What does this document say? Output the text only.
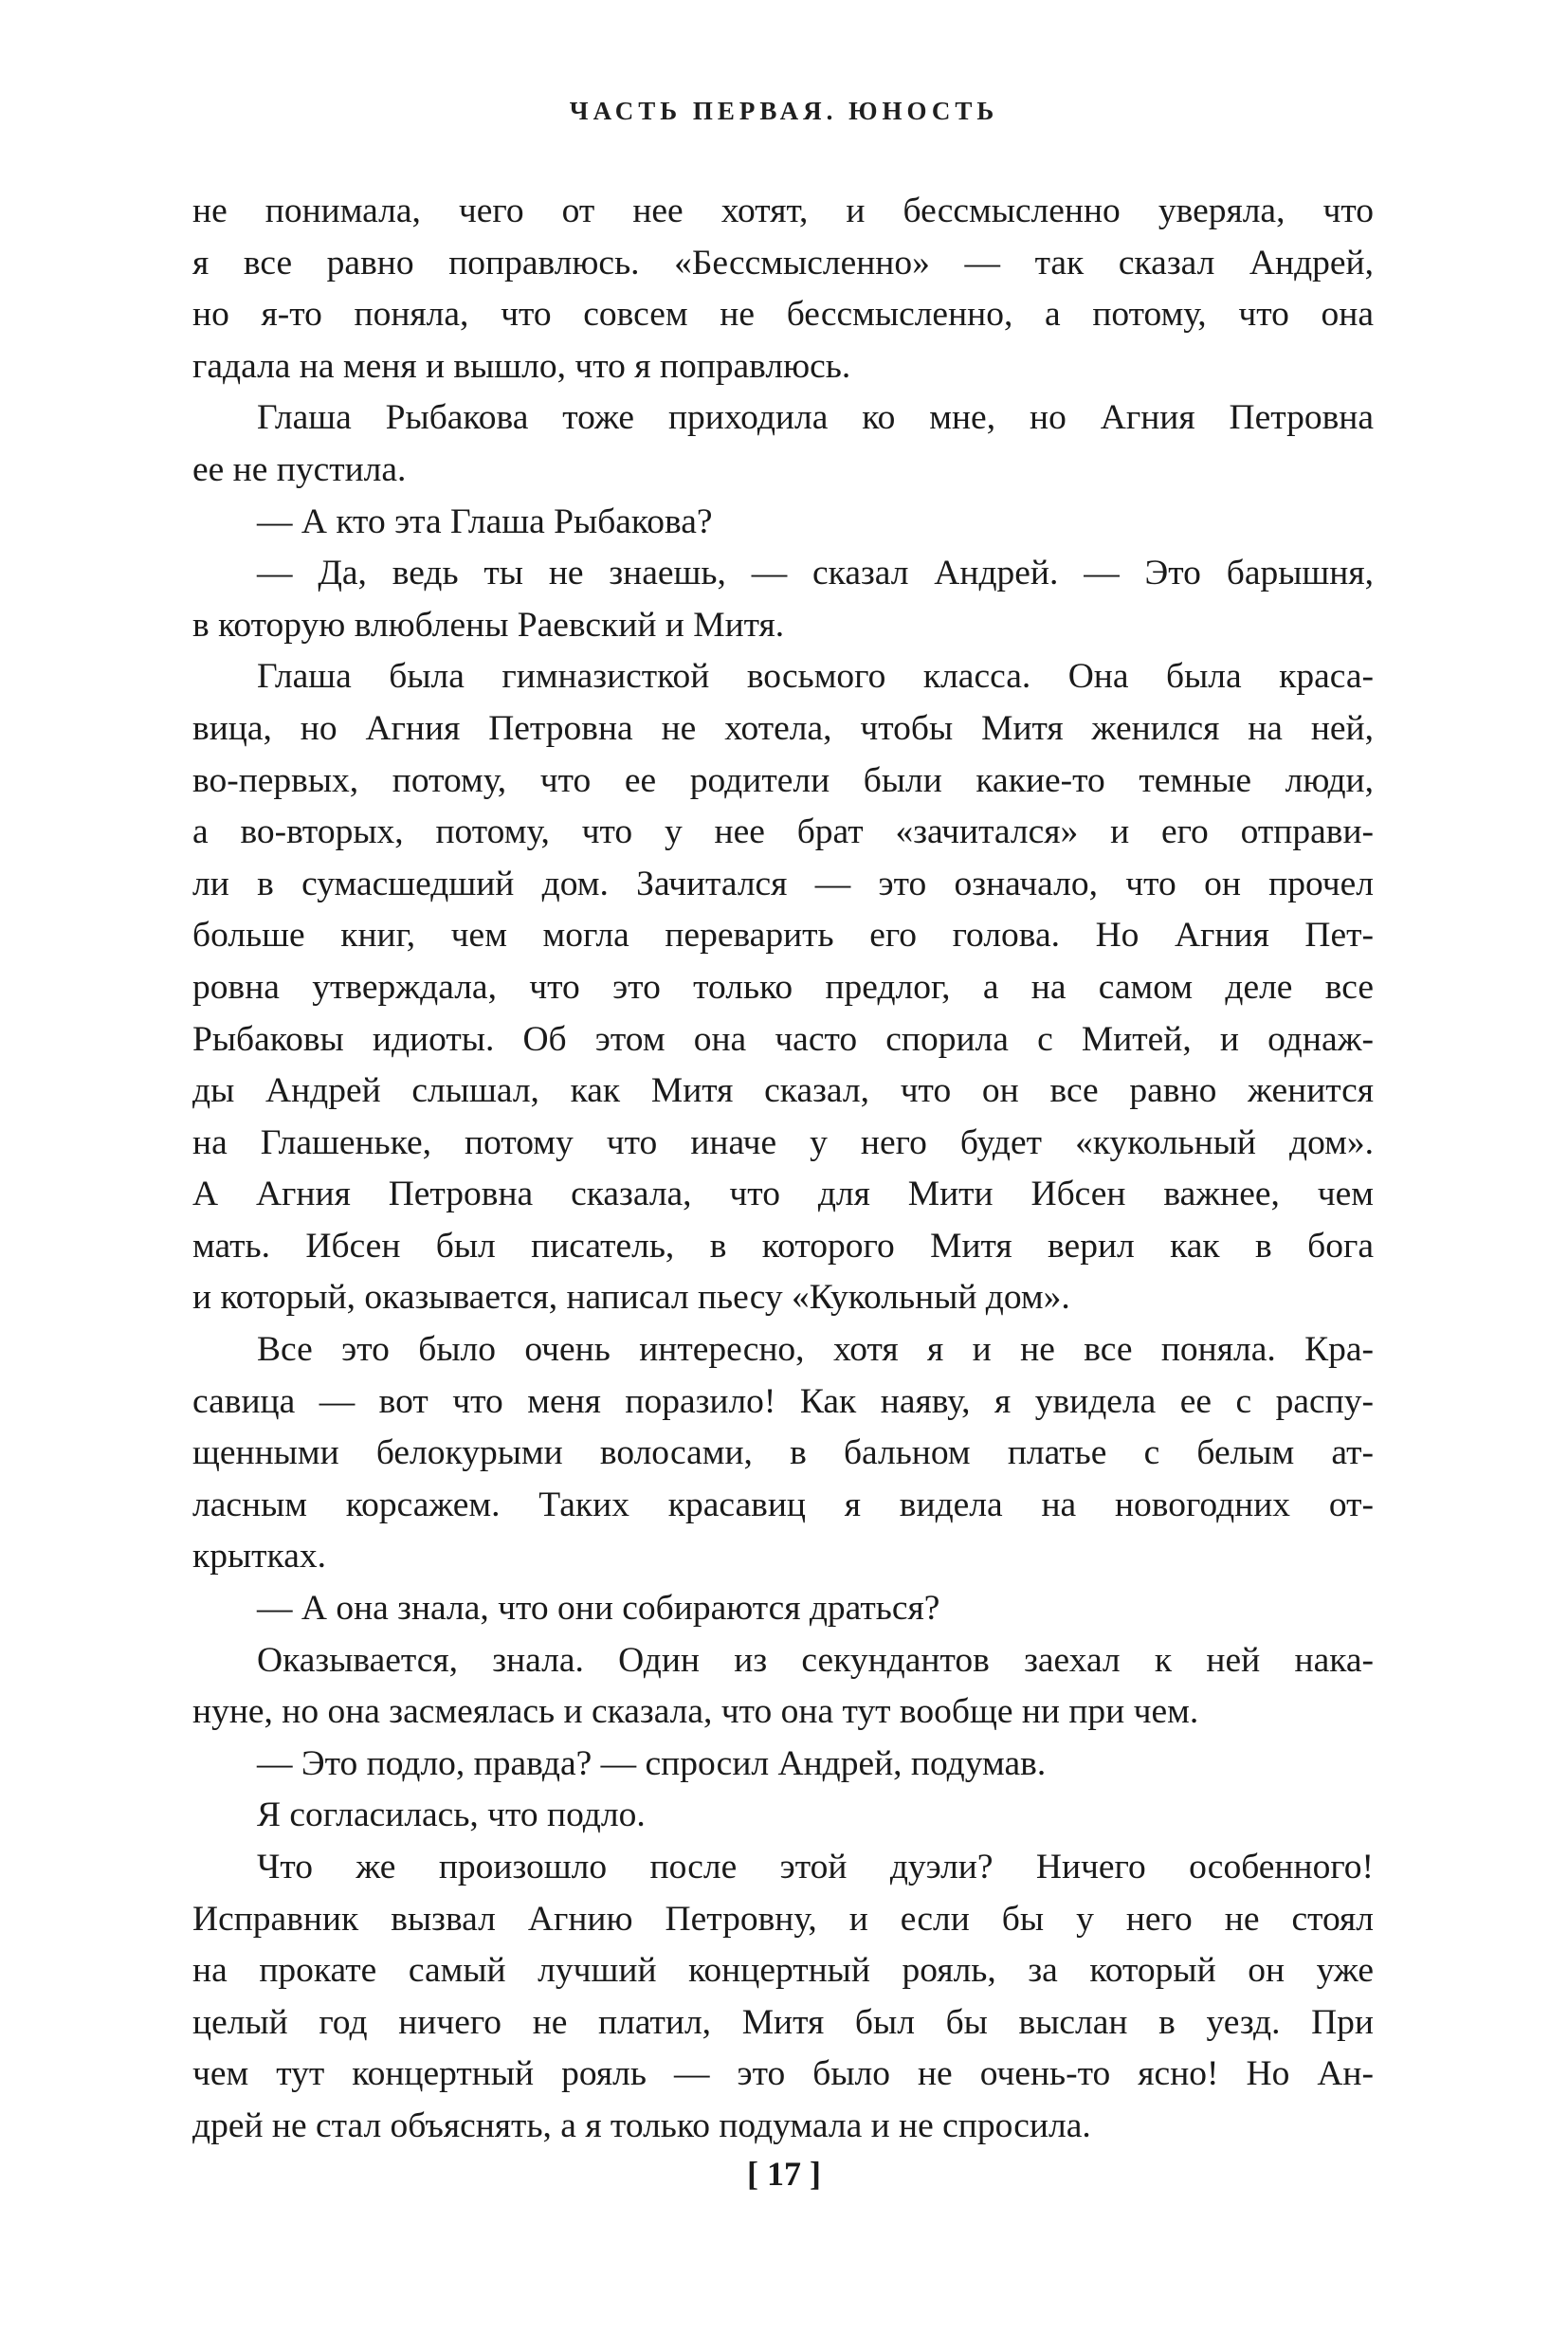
ЧАСТЬ ПЕРВАЯ. ЮНОСТЬ
не понимала, чего от нее хотят, и бессмысленно уверяла, что
я все равно поправлюсь. «Бессмысленно» — так сказал Андрей,
но я-то поняла, что совсем не бессмысленно, а потому, что она
гадала на меня и вышло, что я поправлюсь.
Глаша Рыбакова тоже приходила ко мне, но Агния Петровна
ее не пустила.
— А кто эта Глаша Рыбакова?
— Да, ведь ты не знаешь, — сказал Андрей. — Это барышня,
в которую влюблены Раевский и Митя.
Глаша была гимназисткой восьмого класса. Она была краса-
вица, но Агния Петровна не хотела, чтобы Митя женился на ней,
во-первых, потому, что ее родители были какие-то темные люди,
а во-вторых, потому, что у нее брат «зачитался» и его отправи-
ли в сумасшедший дом. Зачитался — это означало, что он прочел
больше книг, чем могла переварить его голова. Но Агния Пет-
ровна утверждала, что это только предлог, а на самом деле все
Рыбаковы идиоты. Об этом она часто спорила с Митей, и однаж-
ды Андрей слышал, как Митя сказал, что он все равно женится
на Глашеньке, потому что иначе у него будет «кукольный дом».
А Агния Петровна сказала, что для Мити Ибсен важнее, чем
мать. Ибсен был писатель, в которого Митя верил как в бога
и который, оказывается, написал пьесу «Кукольный дом».
Все это было очень интересно, хотя я и не все поняла. Кра-
савица — вот что меня поразило! Как наяву, я увидела ее с распу-
щенными белокурыми волосами, в бальном платье с белым ат-
ласным корсажем. Таких красавиц я видела на новогодних от-
крытках.
— А она знала, что они собираются драться?
Оказывается, знала. Один из секундантов заехал к ней нака-
нуне, но она засмеялась и сказала, что она тут вообще ни при чем.
— Это подло, правда? — спросил Андрей, подумав.
Я согласилась, что подло.
Что же произошло после этой дуэли? Ничего особенного!
Исправник вызвал Агнию Петровну, и если бы у него не стоял
на прокате самый лучший концертный рояль, за который он уже
целый год ничего не платил, Митя был бы выслан в уезд. При
чем тут концертный рояль — это было не очень-то ясно! Но Ан-
дрей не стал объяснять, а я только подумала и не спросила.
[ 17 ]
